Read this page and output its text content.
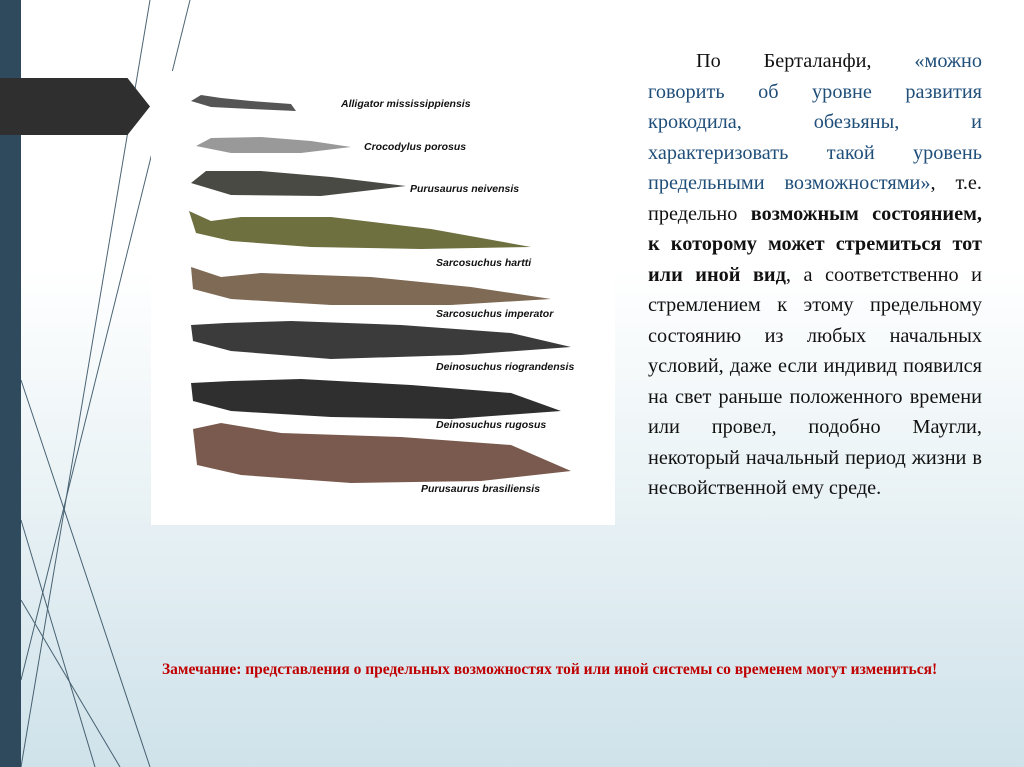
Alligator mississippiensis
Crocodylus porosus
Purusaurus neivensis
Sarcosuchus hartti
Sarcosuchus imperator
Deinosuchus riograndensis
Deinosuchus rugosus
Purusaurus brasiliensis

По Берталанфи, «можно говорить об уровне развития крокодила, обезьяны, и характеризовать такой уровень предельными возможностями», т.е. предельно возможным состоянием, к которому может стремиться тот или иной вид, а соответственно и стремлением к этому предельному состоянию из любых начальных условий, даже если индивид появился на свет раньше положенного времени или провел, подобно Маугли, некоторый начальный период жизни в несвойственной ему среде.

Замечание: представления о предельных возможностях той или иной системы со временем могут измениться!
